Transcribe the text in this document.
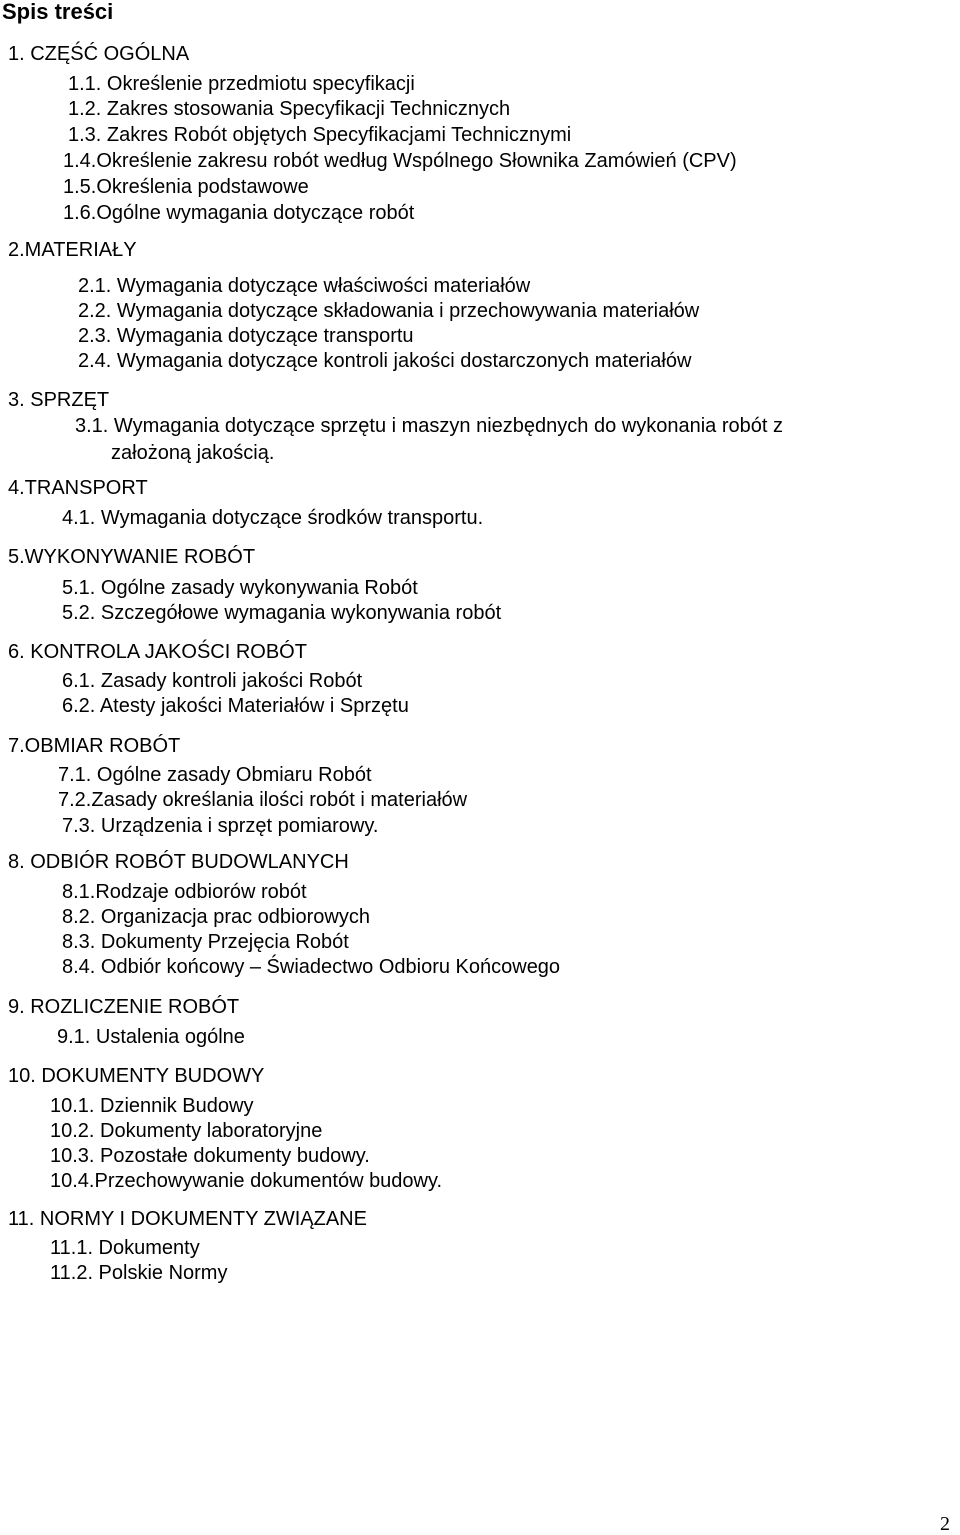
Spis treści
1. CZĘŚĆ OGÓLNA
1.1. Określenie przedmiotu specyfikacji
1.2. Zakres stosowania Specyfikacji Technicznych
1.3. Zakres Robót objętych Specyfikacjami Technicznymi
1.4.Określenie zakresu robót według Wspólnego Słownika Zamówień (CPV)
1.5.Określenia podstawowe
1.6.Ogólne wymagania dotyczące robót
2.MATERIAŁY
2.1. Wymagania dotyczące właściwości materiałów
2.2. Wymagania dotyczące składowania i przechowywania materiałów
2.3. Wymagania dotyczące transportu
2.4. Wymagania dotyczące kontroli jakości dostarczonych materiałów
3. SPRZĘT
3.1. Wymagania dotyczące sprzętu i maszyn niezbędnych do wykonania robót z
założoną jakością.
4.TRANSPORT
4.1. Wymagania dotyczące środków transportu.
5.WYKONYWANIE ROBÓT
5.1. Ogólne zasady wykonywania Robót
5.2. Szczegółowe wymagania wykonywania robót
6. KONTROLA JAKOŚCI ROBÓT
6.1. Zasady kontroli jakości Robót
6.2. Atesty jakości Materiałów i Sprzętu
7.OBMIAR ROBÓT
7.1. Ogólne zasady Obmiaru Robót
7.2.Zasady określania ilości robót i materiałów
7.3. Urządzenia i sprzęt pomiarowy.
8. ODBIÓR ROBÓT BUDOWLANYCH
8.1.Rodzaje odbiorów robót
8.2. Organizacja prac odbiorowych
8.3. Dokumenty Przejęcia Robót
8.4. Odbiór końcowy – Świadectwo Odbioru Końcowego
9. ROZLICZENIE ROBÓT
9.1. Ustalenia ogólne
10. DOKUMENTY BUDOWY
10.1. Dziennik Budowy
10.2. Dokumenty laboratoryjne
10.3. Pozostałe dokumenty budowy.
10.4.Przechowywanie dokumentów budowy.
11. NORMY I DOKUMENTY ZWIĄZANE
11.1. Dokumenty
11.2. Polskie Normy
2
